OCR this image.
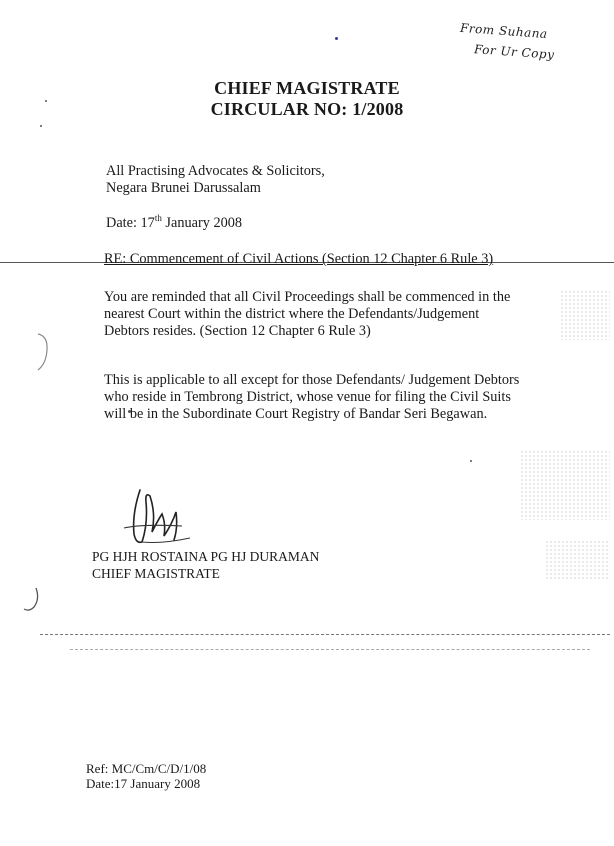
From Suhana
For Ur Copy
CHIEF MAGISTRATE
CIRCULAR NO: 1/2008
All Practising Advocates & Solicitors,
Negara Brunei Darussalam
Date: 17th January 2008
RE: Commencement of Civil Actions (Section 12 Chapter 6 Rule 3)
You are reminded that all Civil Proceedings shall be commenced in the nearest Court within the district where the Defendants/Judgement Debtors resides. (Section 12 Chapter 6 Rule 3)
This is applicable to all except for those Defendants/ Judgement Debtors who reside in Tembrong District, whose venue for filing the Civil Suits will be in the Subordinate Court Registry of Bandar Seri Begawan.
PG HJH ROSTAINA PG HJ DURAMAN
CHIEF MAGISTRATE
Ref: MC/Cm/C/D/1/08
Date:17 January 2008
